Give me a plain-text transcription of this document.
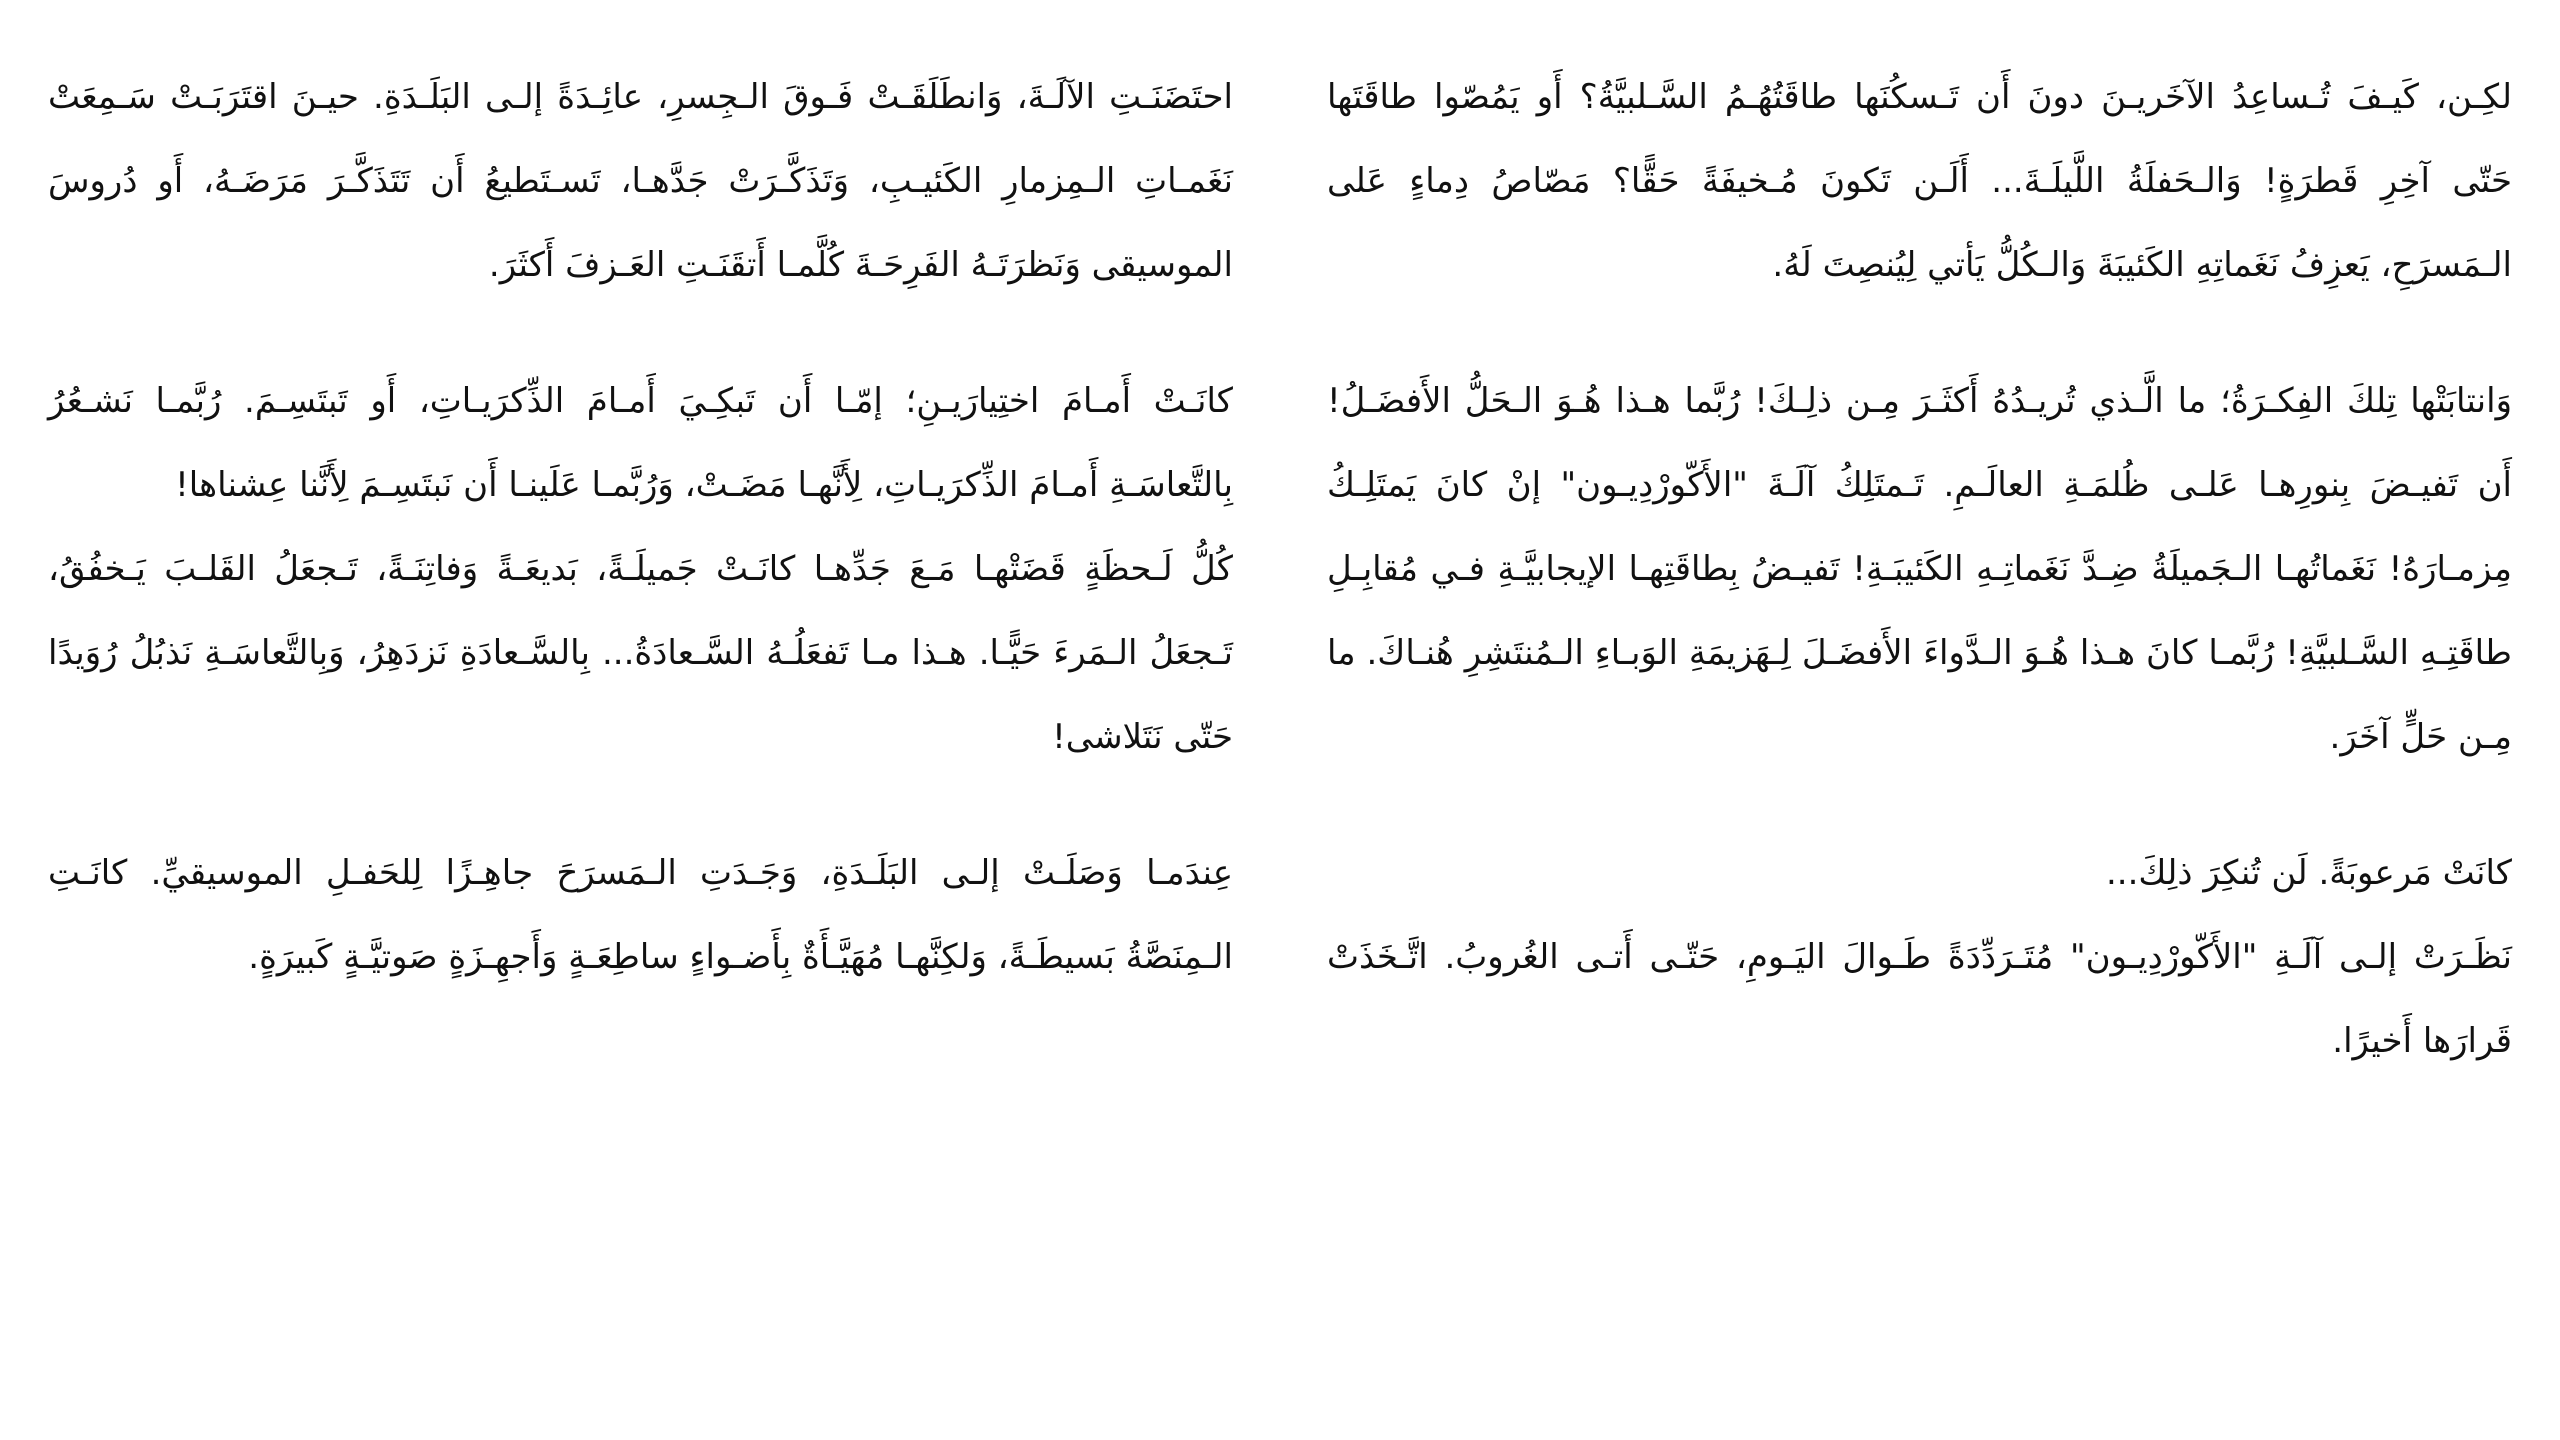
لكِـن، كَيـفَ تُـساعِدُ الآخَريـنَ دونَ أَن تَـسكُنَها طاقَتُهُـمُ السَّـلبيَّةُ؟ أَو يَمُصّوا طاقَتَها حَتّى آخِرِ قَطرَةٍ! وَالـحَفلَةُ اللَّيلَـةَ... أَلَـن تَكونَ مُـخيفَةً حَقًّا؟ مَصّاصُ دِماءٍ عَلى الـمَسرَحِ، يَعزِفُ نَغَماتِهِ الكَئيبَةَ وَالـكُلُّ يَأتي لِيُنصِتَ لَهُ.

وَانتابَتْها تِلكَ الفِكـرَةُ؛ ما الَّـذي تُريـدُهُ أَكثَـرَ مِـن ذلِـكَ! رُبَّما هـذا هُـوَ الـحَلُّ الأَفضَـلُ! أَن تَفيـضَ بِنورِهـا عَلـى ظُلمَـةِ العالَـمِ. تَـمتَلِكُ آلَـةَ "الأَكّورْدِيـون" إنْ كانَ يَمتَلِـكُ مِزمـارَهُ! نَغَماتُهـا الـجَميلَةُ ضِـدَّ نَغَماتِـهِ الكَئيبَـةِ! تَفيـضُ بِطاقَتِهـا الإيجابيَّـةِ فـي مُقابِـلِ طاقَتِـهِ السَّـلبيَّةِ! رُبَّمـا كانَ هـذا هُـوَ الـدَّواءَ الأَفضَـلَ لِـهَزيمَةِ الوَبـاءِ الـمُنتَشِرِ هُنـاكَ. ما مِـن حَلٍّ آخَرَ.

كانَتْ مَرعوبَةً. لَن تُنكِرَ ذلِكَ...

نَظَـرَتْ إلـى آلَـةِ "الأَكّورْدِيـون" مُتَـرَدِّدَةً طَـوالَ اليَـومِ، حَتّـى أَتـى الغُروبُ. اتَّـخَذَتْ قَرارَها أَخيرًا.

احتَضَنَـتِ الآلَـةَ، وَانطَلَقَـتْ فَـوقَ الـجِسرِ، عائِـدَةً إلـى البَلَـدَةِ. حيـنَ اقتَرَبَـتْ سَـمِعَتْ نَغَمـاتِ الـمِزمارِ الكَئيـبِ، وَتَذَكَّـرَتْ جَدَّهـا، تَسـتَطيعُ أَن تَتَذَكَّـرَ مَرَضَـهُ، أَو دُروسَ الموسيقى وَنَظرَتَـهُ الفَرِحَـةَ كُلَّمـا أَتقَنَـتِ العَـزفَ أَكثَرَ.

كانَـتْ أَمـامَ اختِيارَيـنِ؛ إمّـا أَن تَبكِـيَ أَمـامَ الذِّكرَيـاتِ، أَو تَبتَسِـمَ. رُبَّمـا نَشـعُرُ بِالتَّعاسَـةِ أَمـامَ الذِّكرَيـاتِ، لِأَنَّهـا مَضَـتْ، وَرُبَّمـا عَلَينـا أَن نَبتَسِـمَ لِأَنَّنا عِشناها!

كُلُّ لَـحظَةٍ قَضَتْهـا مَـعَ جَدِّهـا كانَـتْ جَميلَـةً، بَديعَـةً وَفاتِنَـةً، تَـجعَلُ القَلـبَ يَـخفُقُ، تَـجعَلُ الـمَرءَ حَيًّـا. هـذا مـا تَفعَلُـهُ السَّـعادَةُ... بِالسَّـعادَةِ نَزدَهِرُ، وَبِالتَّعاسَـةِ نَذبُلُ رُوَيدًا حَتّى نَتَلاشى!

عِندَمـا وَصَلَـتْ إلـى البَلَـدَةِ، وَجَـدَتِ الـمَسرَحَ جاهِـزًا لِلحَفـلِ الموسيقيِّ. كانَـتِ الـمِنَصَّةُ بَسيطَـةً، وَلكِنَّهـا مُهَيَّـأَةٌ بِأَضـواءٍ ساطِعَـةٍ وَأَجهِـزَةٍ صَوتيَّـةٍ كَبيرَةٍ.
